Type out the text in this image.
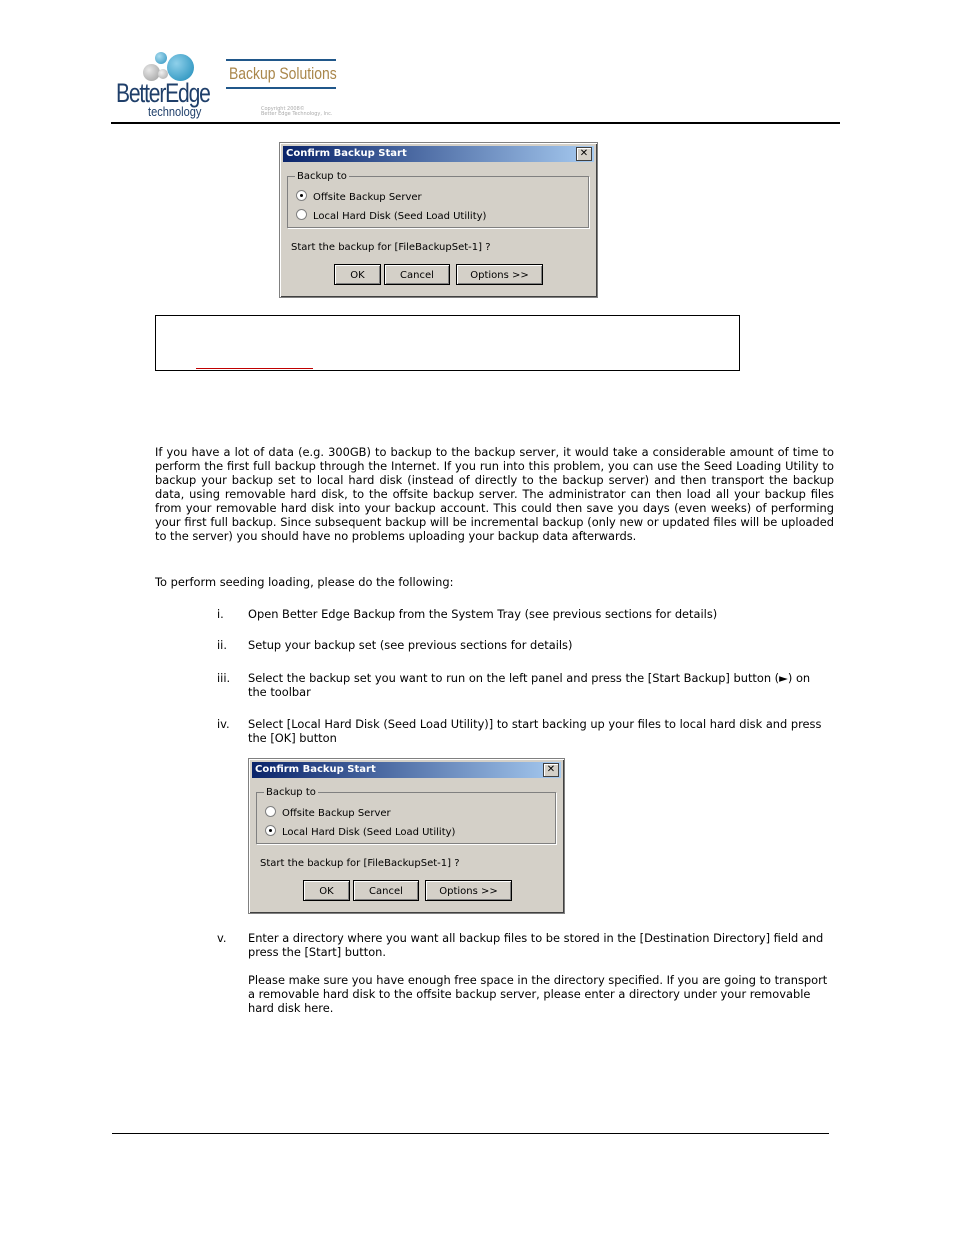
BetterEdge
technology
Backup Solutions
Copyright 2008©
Better Edge Technology, Inc.
Confirm Backup Start	✕
Backup to
Offsite Backup Server
Local Hard Disk (Seed Load Utility)
Start the backup for [FileBackupSet-1] ?
OK	Cancel	Options >>
If you have a lot of data (e.g. 300GB) to backup to the backup server, it would take a considerable amount of time to perform the first full backup through the Internet. If you run into this problem, you can use the Seed Loading Utility to backup your backup set to local hard disk (instead of directly to the backup server) and then transport the backup data, using removable hard disk, to the offsite backup server. The administrator can then load all your backup files from your removable hard disk into your backup account. This could then save you days (even weeks) of performing your first full backup. Since subsequent backup will be incremental backup (only new or updated files will be uploaded to the server) you should have no problems uploading your backup data afterwards.
To perform seeding loading, please do the following:
i. Open Better Edge Backup from the System Tray (see previous sections for details)
ii. Setup your backup set (see previous sections for details)
iii. Select the backup set you want to run on the left panel and press the [Start Backup] button (►) on the toolbar
iv. Select [Local Hard Disk (Seed Load Utility)] to start backing up your files to local hard disk and press the [OK] button
Confirm Backup Start	✕
Backup to
Offsite Backup Server
Local Hard Disk (Seed Load Utility)
Start the backup for [FileBackupSet-1] ?
OK	Cancel	Options >>
v. Enter a directory where you want all backup files to be stored in the [Destination Directory] field and press the [Start] button.
Please make sure you have enough free space in the directory specified. If you are going to transport a removable hard disk to the offsite backup server, please enter a directory under your removable hard disk here.
